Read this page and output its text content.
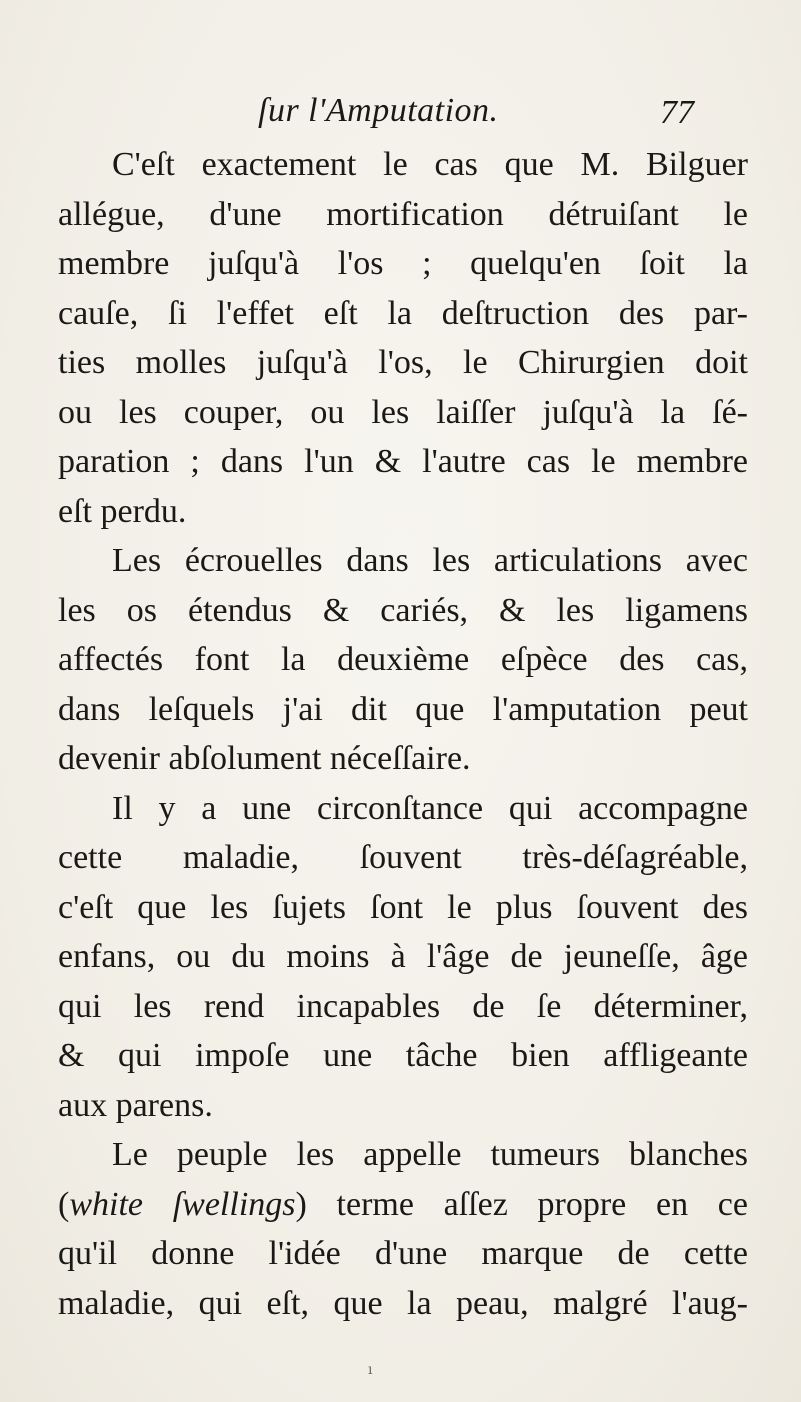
ſur l'Amputation.	77
C'eſt exactement le cas que M. Bilguer
allégue, d'une mortification détruiſant le
membre juſqu'à l'os ; quelqu'en ſoit la
cauſe, ſi l'effet eſt la deſtruction des par-
ties molles juſqu'à l'os, le Chirurgien doit
ou les couper, ou les laiſſer juſqu'à la ſé-
paration ; dans l'un & l'autre cas le membre
eſt perdu.
Les écrouelles dans les articulations avec
les os étendus & cariés, & les ligamens
affectés font la deuxième eſpèce des cas,
dans leſquels j'ai dit que l'amputation peut
devenir abſolument néceſſaire.
Il y a une circonſtance qui accompagne
cette maladie, ſouvent très-déſagréable,
c'eſt que les ſujets ſont le plus ſouvent des
enfans, ou du moins à l'âge de jeuneſſe, âge
qui les rend incapables de ſe déterminer,
& qui impoſe une tâche bien affligeante
aux parens.
Le peuple les appelle tumeurs blanches
(white ſwellings) terme aſſez propre en ce
qu'il donne l'idée d'une marque de cette
maladie, qui eſt, que la peau, malgré l'aug-
ı
